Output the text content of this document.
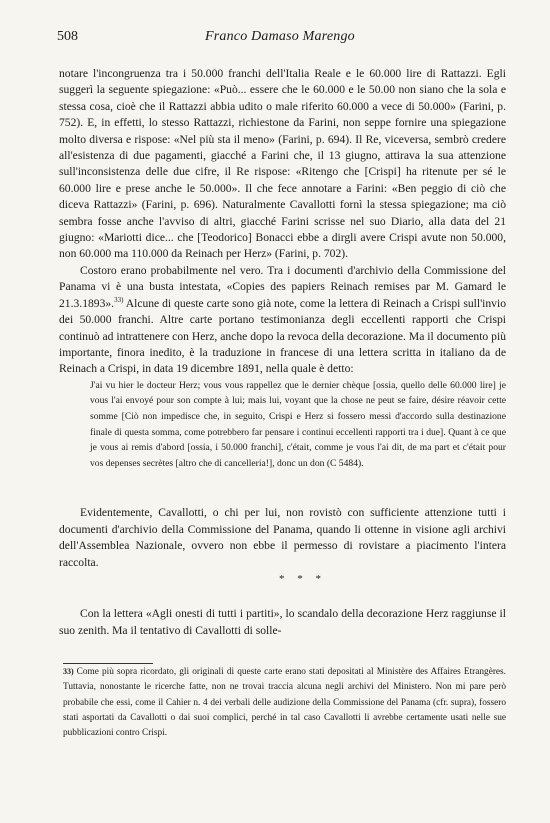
508	Franco Damaso Marengo

notare l'incongruenza tra i 50.000 franchi dell'Italia Reale e le 60.000 lire di Rattazzi. Egli suggerì la seguente spiegazione: «Può... essere che le 60.000 e le 50.00 non siano che la sola e stessa cosa, cioè che il Rattazzi abbia udito o male riferito 60.000 a vece di 50.000» (Farini, p. 752). E, in effetti, lo stesso Rattazzi, richiestone da Farini, non seppe fornire una spiegazione molto diversa e rispose: «Nel più sta il meno» (Farini, p. 694). Il Re, viceversa, sembrò credere all'esistenza di due pagamenti, giacché a Farini che, il 13 giugno, attirava la sua attenzione sull'inconsistenza delle due cifre, il Re rispose: «Ritengo che [Crispi] ha ritenute per sé le 60.000 lire e prese anche le 50.000». Il che fece annotare a Farini: «Ben peggio di ciò che diceva Rattazzi» (Farini, p. 696). Naturalmente Cavallotti fornì la stessa spiegazione; ma ciò sembra fosse anche l'avviso di altri, giacché Farini scrisse nel suo Diario, alla data del 21 giugno: «Mariotti dice... che [Teodorico] Bonacci ebbe a dirgli avere Crispi avute non 50.000, non 60.000 ma 110.000 da Reinach per Herz» (Farini, p. 702).

Costoro erano probabilmente nel vero. Tra i documenti d'archivio della Commissione del Panama vi è una busta intestata, «Copies des papiers Reinach remises par M. Gamard le 21.3.1893».$^{33)}$ Alcune di queste carte sono già note, come la lettera di Reinach a Crispi sull'invio dei 50.000 franchi. Altre carte portano testimonianza degli eccellenti rapporti che Crispi continuò ad intrattenere con Herz, anche dopo la revoca della decorazione. Ma il documento più importante, finora inedito, è la traduzione in francese di una lettera scritta in italiano da de Reinach a Crispi, in data 19 dicembre 1891, nella quale è detto:

J'ai vu hier le docteur Herz; vous vous rappellez que le dernier chèque [ossia, quello delle 60.000 lire] je vous l'ai envoyé pour son compte à lui; mais lui, voyant que la chose ne peut se faire, désire réavoir cette somme [Ciò non impedisce che, in seguito, Crispi e Herz si fossero messi d'accordo sulla destinazione finale di questa somma, come potrebbero far pensare i continui eccellenti rapporti tra i due]. Quant à ce que je vous ai remis d'abord [ossia, i 50.000 franchi], c'était, comme je vous l'ai dit, de ma part et c'était pour vos depenses secrètes [altro che di cancelleria!], donc un don (C 5484).

Evidentemente, Cavallotti, o chi per lui, non rovistò con sufficiente attenzione tutti i documenti d'archivio della Commissione del Panama, quando li ottenne in visione agli archivi dell'Assemblea Nazionale, ovvero non ebbe il permesso di rovistare a piacimento l'intera raccolta.

* * *

Con la lettera «Agli onesti di tutti i partiti», lo scandalo della decorazione Herz raggiunse il suo zenith. Ma il tentativo di Cavallotti di solle-

33) Come più sopra ricordato, gli originali di queste carte erano stati depositati al Ministère des Affaires Etrangères. Tuttavia, nonostante le ricerche fatte, non ne trovai traccia alcuna negli archivi del Ministero. Non mi pare però probabile che essi, come il Cahier n. 4 dei verbali delle audizione della Commissione del Panama (cfr. supra), fossero stati asportati da Cavallotti o dai suoi complici, perché in tal caso Cavallotti li avrebbe certamente usati nelle sue pubblicazioni contro Crispi.
